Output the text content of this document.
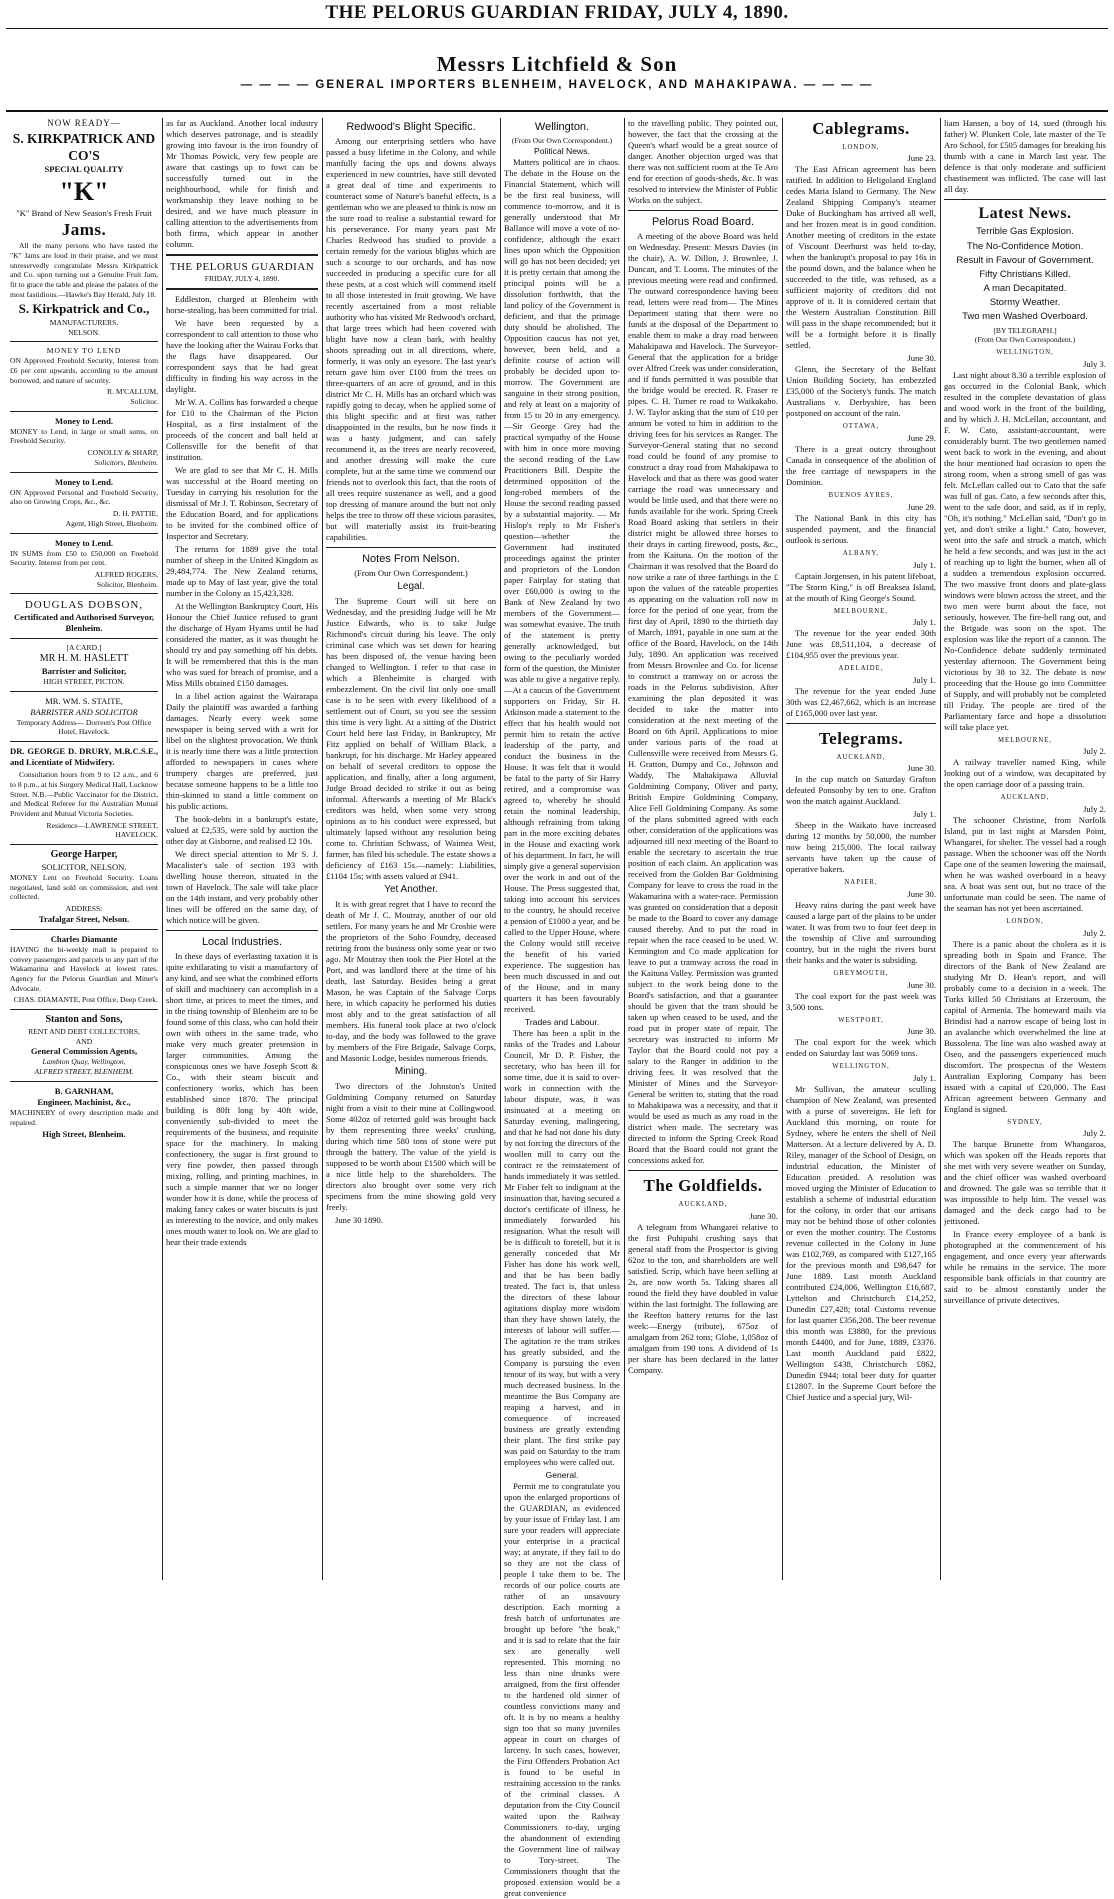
THE PELORUS GUARDIAN FRIDAY, JULY 4, 1890.
Messrs Litchfield & Son
— — — — GENERAL IMPORTERS BLENHEIM, HAVELOCK, AND MAHAKIPAWA. — — — —
NOW READY—
S. KIRKPATRICK AND CO'S
SPECIAL QUALITY
"K"
"K" Brand of New Season's Fresh Fruit
Jams.

All the many persons who have tasted the "K" Jams are loud in their praise, and we must unreservedly congratulate Messrs Kirkpatrick and Co. upon turning out a Genuine Fruit Jam, fit to grace the table and please the palates of the most fastidious.—Hawke's Bay Herald, July 18.

S. Kirkpatrick and Co.,
MANUFACTURERS,
NELSON.
MONEY TO LEND

ON Approved Freehold Security, Interest from £6 per cent upwards, according to the amount borrowed, and nature of security.

R. M'CALLUM,
Solicitor.
Money to Lend.

MONEY to Lend, in large or small sums, on Freehold Security.

CONOLLY & SHARP,
Solicitors, Blenheim.
Money to Lend.

ON Approved Personal and Freehold Security, also on Growing Crops, &c., &c.

D. H. PATTIE,
Agent, High Street, Blenheim.
Money to Lend.

IN SUMS from £50 to £50,000 on Freehold Security. Interest from per cent.

ALFRED ROGERS,
Solicitor, Blenheim.
DOUGLAS DOBSON,
Certificated and Authorised Surveyor,
Blenheim.
[A CARD.]
MR H. M. HASLETT
Barrister and Solicitor,
HIGH STREET, PICTON.
MR. WM. S. STAITE,
BARRISTER AND SOLICITOR
Temporary Address— Dorreen's Post Office Hotel, Havelock.

DR. GEORGE D. DRURY, M.R.C.S.E., and Licentiate of Midwifery.

Consultation hours from 9 to 12 a.m., and 6 to 8 p.m., at his Surgery Medical Hall, Lucknow Street. N.B.—Public Vaccinator for the District, and Medical Referee for the Australian Mutual Provident and Mutual Victoria Societies.

Residence—LAWRENCE STREET, HAVELOCK.
George Harper,
SOLICITOR, NELSON.

MONEY Lent on Freehold Security. Loans negotiated, land sold on commission, and rent collected.

ADDRESS:
Trafalgar Street, Nelson.
Charles Diamante

HAVING the bi-weekly mail is prepared to convey passengers and parcels to any part of the Wakamarina and Havelock at lowest rates. Agency for the Pelorus Guardian and Miner's Advocate.

CHAS. DIAMANTE, Post Office, Deep Creek.
Stanton and Sons,
RENT AND DEBT COLLECTORS,
AND
General Commission Agents,
Lambton Quay, Wellington,
ALFRED STREET, BLENHEIM.
B. GARNHAM,
Engineer, Machinist, &c.,

MACHINERY of every description made and repaired.

High Street, Blenheim.

as far as Auckland. Another local industry which deserves patronage, and is steadily growing into favour is the iron foundry of Mr Thomas Powick, very few people are aware that castings up to fowt can be successfully turned out in the neighbourhood, while for finish and workmanship they leave nothing to be desired, and we have much pleasure in calling attention to the advertisements from both firms, which appear in another column.

THE PELORUS GUARDIAN
FRIDAY, JULY 4, 1890.

Eddleston, charged at Blenheim with horse-stealing, has been committed for trial.

We have been requested by a correspondent to call attention to those who have the looking after the Wairau Forks that the flags have disappeared. Our correspondent says that he had great difficulty in finding his way across in the daylight.

Mr W. A. Collins has forwarded a cheque for £10 to the Chairman of the Picton Hospital, as a first instalment of the proceeds of the concert and ball held at Collensville for the benefit of that institution.

We are glad to see that Mr C. H. Mills was successful at the Board meeting on Tuesday in carrying his resolution for the dismissal of Mr J. T. Robinson, Secretary of the Education Board, and for applications to be invited for the combined office of Inspector and Secretary.

The returns for 1889 give the total number of sheep in the United Kingdom as 29,484,774. The New Zealand returns, made up to May of last year, give the total number in the Colony as 15,423,328.

At the Wellington Bankruptcy Court, His Honour the Chief Justice refused to grant the discharge of Hyam Hyams until he had considered the matter, as it was thought he should try and pay something off his debts. It will be remembered that this is the man who was sued for breach of promise, and a Miss Mills obtained £150 damages.

In a libel action against the Wairarapa Daily the plaintiff was awarded a farthing damages. Nearly every week some newspaper is being served with a writ for libel on the slightest provocation. We think it is nearly time there was a little protection afforded to newspapers in cases where trumpery charges are preferred, just because someone happens to be a little too thin-skinned to stand a little comment on his public actions.

The book-debts in a bankrupt's estate, valued at £2,535, were sold by auction the other day at Gisborne, and realised £2 10s.

We direct special attention to Mr S. J. Macalister's sale of section 193 with dwelling house thereon, situated in the town of Havelock. The sale will take place on the 14th instant, and very probably other lines will be offered on the same day, of which notice will be given.

Local Industries.

In these days of everlasting taxation it is quite exhilarating to visit a manufactory of any kind, and see what the combined efforts of skill and machinery can accomplish in a short time, at prices to meet the times, and in the rising township of Blenheim are to be found some of this class, who can hold their own with others in the same trade, who make very much greater pretension in larger communities. Among the conspicuous ones we have Joseph Scott & Co., with their steam biscuit and confectionery works, which has been established since 1870. The principal building is 80ft long by 40ft wide, conveniently sub-divided to meet the requirements of the business, and requisite space for the machinery. In making confectionery, the sugar is first ground to very fine powder, then passed through mixing, rolling, and printing machines, in such a simple manner that we no longer wonder how it is done, while the process of making fancy cakes or water biscuits is just as interesting to the novice, and only makes ones mouth water to look on. We are glad to hear their trade extends

Redwood's Blight Specific.

Among our enterprising settlers who have passed a busy lifetime in the Colony, and while manfully facing the ups and downs always experienced in new countries, have still devoted a great deal of time and experiments to counteract some of Nature's baneful effects, is a gentleman who we are pleased to think is now on the sure road to realise a substantial reward for his perseverance. For many years past Mr Charles Redwood has studied to provide a certain remedy for the various blights which are such a scourge to our orchards, and has now succeeded in producing a specific cure for all these pests, at a cost which will commend itself to all those interested in fruit growing. We have recently ascertained from a most reliable authority who has visited Mr Redwood's orchard, that large trees which had been covered with blight have now a clean bark, with healthy shoots spreading out in all directions, where, formerly, it was only an eyesore. The last year's return gave him over £100 from the trees on three-quarters of an acre of ground, and in this district Mr C. H. Mills has an orchard which was rapidly going to decay, when he applied some of this blight specific and at first was rather disappointed in the results, but he now finds it was a hasty judgment, and can safely recommend it, as the trees are nearly recovered, and another dressing will make the cure complete, but at the same time we commend our friends not to overlook this fact, that the roots of all trees require sustenance as well, and a good top dressing of manure around the butt not only helps the tree to throw off these vicious parasites, but will materially assist its fruit-bearing capabilities.

Notes From Nelson.
(From Our Own Correspondent.)
Legal.

The Supreme Court will sit here on Wednesday, and the presiding Judge will be Mr Justice Edwards, who is to take Judge Richmond's circuit during his leave. The only criminal case which was set down for hearing has been disposed of, the venue having been changed to Wellington. I refer to that case in which a Blenheimite is charged with embezzlement. On the civil list only one small case is to be seen with every likelihood of a settlement out of Court, so you see the session this time is very light. At a sitting of the District Court held here last Friday, in Bankruptcy, Mr Fitz applied on behalf of William Black, a bankrupt, for his discharge. Mr Harley appeared on behalf of several creditors to oppose the application, and finally, after a long argument, Judge Broad decided to strike it out as being informal. Afterwards a meeting of Mr Black's creditors was held, when some very strong opinions as to his conduct were expressed, but ultimately lapsed without any resolution being come to. Christian Schwass, of Waimea West, farmer, has filed his schedule. The estate shows a deficiency of £163 15s.—namely: Liabilities, £1104 15s; with assets valued at £941.

Yet Another.

It is with great regret that I have to record the death of Mr J. C. Moutray, another of our old settlers. For many years he and Mr Crosbie were the proprietors of the Soho Foundry, deceased retiring from the business only some year or two ago. Mr Moutray then took the Pier Hotel at the Port, and was landlord there at the time of his death, last Saturday. Besides being a great Mason, he was Captain of the Salvage Corps here, in which capacity he performed his duties most ably and to the great satisfaction of all members. His funeral took place at two o'clock to-day, and the body was followed to the grave by members of the Fire Brigade, Salvage Corps, and Masonic Lodge, besides numerous friends.

Mining.

Two directors of the Johnston's United Goldmining Company returned on Saturday night from a visit to their mine at Collingwood. Some 402oz of retorted gold was brought back by them representing three weeks' crushing, during which time 580 tons of stone were put through the battery. The value of the yield is supposed to be worth about £1500 which will be a nice little help to the shareholders. The directors also brought over some very rich specimens from the mine showing gold very freely.

June 30 1890.

Wellington.
(From Our Own Correspondent.)
Political News.

Matters political are in chaos. The debate in the House on the Financial Statement, which will be the first real business, will commence to-morrow, and it is generally understood that Mr Ballance will move a vote of no-confidence, although the exact lines upon which the Opposition will go has not been decided; yet it is pretty certain that among the principal points will be a dissolution forthwith, that the land policy of the Government is deficient, and that the primage duty should be abolished. The Opposition caucus has not yet, however, been held, and a definite course of action will probably be decided upon to-morrow. The Government are sanguine in their strong position, and rely at least on a majority of from 15 to 20 in any emergency.—Sir George Grey had the practical sympathy of the House with him in once more moving the second reading of the Law Practitioners Bill. Despite the determined opposition of the long-robed members of the House the second reading passed by a substantial majority. — Mr Hislop's reply to Mr Fisher's question—whether the Government had instituted proceedings against the printer and proprietors of the London paper Fairplay for stating that over £60,000 is owing to the Bank of New Zealand by two members of the Government—was somewhat evasive. The truth of the statement is pretty generally acknowledged, but owing to the peculiarly worded form of the question, the Minister was able to give a negative reply.—At a caucus of the Government supporters on Friday, Sir H. Atkinson made a statement to the effect that his health would not permit him to retain the active leadership of the party, and conduct the business in the House. It was felt that it would be fatal to the party of Sir Harry retired, and a compromise was agreed to, whereby he should retain the nominal leadership, although refraining from taking part in the more exciting debates in the House and exacting work of his department. In fact, he will simply give a general supervision over the work in and out of the House. The Press suggested that, taking into account his services to the country, he should receive a pension of £1000 a year, and be called to the Upper House, where the Colony would still receive the benefit of his varied experience. The suggestion has been much discussed in and out of the House, and in many quarters it has been favourably received.

Trades and Labour.

There has been a split in the ranks of the Trades and Labour Council, Mr D. P. Fisher, the secretary, who has been ill for some time, due it is said to over-work in connection with the labour dispute, was, it was insinuated at a meeting on Saturday evening, malingering, and that he had not done his duty by not forcing the directors of the woollen mill to carry out the contract re the reinstatement of hands immediately it was settled. Mr Fisher felt so indignant at the insinuation that, having secured a doctor's certificate of illness, he immediately forwarded his resignation. What the result will be is difficult to foretell, but it is generally conceded that Mr Fisher has done his work well, and that he has been badly treated. The fact is, that unless the directors of these labour agitations display more wisdom than they have shown lately, the interests of labour will suffer.—The agitation re the tram strikes has greatly subsided, and the Company is pursuing the even tenour of its way, but with a very much decreased business. In the meantime the Bus Company are reaping a harvest, and in consequence of increased business are greatly extending their plant. The first strike pay was paid on Saturday to the tram employees who were called out.

General.

Permit me to congratulate you upon the enlarged proportions of the GUARDIAN, as evidenced by your issue of Friday last. I am sure your readers will appreciate your enterprise in a practical way; at anyrate, if they fail to do so they are not the class of people I take them to be. The records of our police courts are rather of an unsavoury description. Each morning a fresh batch of unfortunates are brought up before "the beak," and it is sad to relate that the fair sex are generally well represented. This morning no less than nine drunks were arraigned, from the first offender to the hardened old sinner of countless convictions many and oft. It is by no means a healthy sign too that so many juveniles appear in court on charges of larceny. In such cases, however, the First Offenders Probation Act is found to be useful in restraining accession to the ranks of the criminal classes. A deputation from the City Council waited upon the Railway Commissioners to-day, urging the abandonment of extending the Government line of railway to Tory-street. The Commissioners thought that the proposed extension would be a great convenience

to the travelling public. They pointed out, however, the fact that the crossing at the Queen's wharf would be a great source of danger. Another objection urged was that there was not sufficient room at the Te Aro end for erection of goods-sheds, &c. It was resolved to interview the Minister of Public Works on the subject.

Pelorus Road Board.

A meeting of the above Board was held on Wednesday. Present: Messrs Davies (in the chair), A. W. Dillon, J. Brownlee, J. Duncan, and T. Looms. The minutes of the previous meeting were read and confirmed. The outward correspondence having been read, letters were read from— The Mines Department stating that there were no funds at the disposal of the Department to enable them to make a dray road between Mahakipawa and Havelock. The Surveyor-General that the application for a bridge over Alfred Creek was under consideration, and if funds permitted it was possible that the bridge would be erected. R. Fraser re pipes. C. H. Turner re road to Waikakaho. J. W. Taylor asking that the sum of £10 per annum be voted to him in addition to the driving fees for his services as Ranger. The Surveyor-General stating that no second road could be found of any promise to construct a dray road from Mahakipawa to Havelock and that as there was good water carriage the road was unnecessary and would be little used, and that there were no funds available for the work. Spring Creek Road Board asking that settlers in their district might be allowed three horses to their drays in carting firewood, posts, &c., from the Kaituna. On the motion of the Chairman it was resolved that the Board do now strike a rate of three farthings in the £ upon the values of the rateable properties as appearing on the valuation roll now in force for the period of one year, from the first day of April, 1890 to the thirtieth day of March, 1891, payable in one sum at the office of the Board, Havelock, on the 14th July, 1890. An application was received from Messrs Brownlee and Co. for license to construct a tramway on or across the roads in the Pelorus subdivision. After examining the plan deposited it was decided to take the matter into consideration at the next meeting of the Board on 6th April. Applications to mine under various parts of the road at Cullensville were received from Messrs G. H. Gratton, Dumpy and Co., Johnson and Waddy, The Mahakipawa Alluvial Goldmining Company, Oliver and party, British Empire Goldmining Company, Alice Fell Goldmining Company. As some of the plans submitted agreed with each other, consideration of the applications was adjourned till next meeting of the Board to enable the secretary to ascertain the true position of each claim. An application was received from the Golden Bar Goldmining Company for leave to cross the road in the Wakamarina with a water-race. Permission was granted on consideration that a deposit be made to the Board to cover any damage caused thereby. And to put the road in repair when the race ceased to be used. W. Kennington and Co made application for leave to put a tramway across the road in the Kaituna Valley. Permission was granted subject to the work being done to the Board's satisfaction, and that a guarantee should be given that the tram should be taken up when ceased to be used, and the road put in proper state of repair. The secretary was instructed to inform Mr Taylor that the Board could not pay a salary to the Ranger in addition to the driving fees. It was resolved that the Minister of Mines and the Surveyor-General be written to, stating that the road to Mahakipawa was a necessity, and that it would be used as much as any road in the district when made. The secretary was directed to inform the Spring Creek Road Board that the Board could not grant the concessions asked for.

The Goldfields.
AUCKLAND,
June 30.

A telegram from Whangarei relative to the first Puhipuhi crushing says that general staff from the Prospector is giving 62oz to the ton, and shareholders are well satisfied. Scrip, which have been selling at 2s, are now worth 5s. Taking shares all round the field they have doubled in value within the last fortnight. The following are the Reefton battery returns for the last week:—Energy (tribute), 675oz of amalgam from 262 tons; Globe, 1,058oz of amalgam from 190 tons. A dividend of 1s per share has been declared in the latter Company.

Cablegrams.
LONDON,
June 23.

The East African agreement has been ratified. In addition to Heligoland England cedes Maria Island to Germany. The New Zealand Shipping Company's steamer Duke of Buckingham has arrived all well, and her frozen meat is in good condition. Another meeting of creditors in the estate of Viscount Deerhurst was held to-day, when the bankrupt's proposal to pay 16s in the pound down, and the balance when he succeeded to the title, was refused, as a sufficient majority of creditors did not approve of it. It is considered certain that the Western Australian Constitution Bill will pass in the shape recommended; but it will be a fortnight before it is finally settled.

June 30.

Glenn, the Secretary of the Belfast Union Building Society, has embezzled £35,000 of the Society's funds. The match Australians v. Derbyshire, has been postponed on account of the rain.

OTTAWA,
June 29.

There is a great outcry throughout Canada in consequence of the abolition of the free carriage of newspapers in the Dominion.

BUENOS AYRES,
June 29.

The National Bank in this city has suspended payment, and the financial outlook is serious.

ALBANY,
July 1.

Captain Jorgensen, in his patent lifeboat, "The Storm King," is off Breaksea Island, at the mouth of King George's Sound.

MELBOURNE,
July 1.

The revenue for the year ended 30th June was £8,511,104, a decrease of £104,955 over the previous year.

ADELAIDE,
July 1.

The revenue for the year ended June 30th was £2,467,662, which is an increase of £165,000 over last year.

Telegrams.
AUCKLAND,
June 30.

In the cup match on Saturday Grafton defeated Ponsonby by ten to one. Grafton won the match against Auckland.

July 1.

Sheep in the Waikato have increased during 12 months by 50,000, the number now being 215,000. The local railway servants have taken up the cause of operative bakers.

NAPIER,
June 30.

Heavy rains during the past week have caused a large part of the plains to be under water. It was from two to four feet deep in the township of Clive and surrounding country, but in the night the rivers burst their banks and the water is subsiding.

GREYMOUTH,
June 30.

The coal export for the past week was 3,500 tons.

WESTPORT,
June 30.

The coal export for the week which ended on Saturday last was 5069 tons.

WELLINGTON,
July 1.

Mr Sullivan, the amateur sculling champion of New Zealand, was presented with a purse of sovereigns. He left for Auckland this morning, on route for Sydney, where he enters the shell of Neil Matterson. At a lecture delivered by A. D. Riley, manager of the School of Design, on industrial education, the Minister of Education presided. A resolution was moved urging the Minister of Education to establish a scheme of industrial education for the colony, in order that our artisans may not be behind those of other colonies or even the mother country. The Customs revenue collected in the Colony in June was £102,769, as compared with £127,165 for the previous month and £98,647 for June 1889. Last month Auckland contributed £24,006, Wellington £16,687, Lyttelton and Christchurch £14,252, Dunedin £27,428; total Customs revenue for last quarter £356,208. The beer revenue this month was £3880, for the previous month £4400, and for June, 1889, £3376. Last month Auckland paid £822, Wellington £438, Christchurch £862, Dunedin £944; total beer duty for quarter £12807. In the Supreme Court before the Chief Justice and a special jury, Wil-

liam Hansen, a boy of 14, sued (through his father) W. Plunkett Cole, late master of the Te Aro School, for £505 damages for breaking his thumb with a cane in March last year. The defence is that only moderate and sufficient chastisement was inflicted. The case will last all day.

Latest News.
Terrible Gas Explosion.
The No-Confidence Motion.
Result in Favour of Government.
Fifty Christians Killed.
A man Decapitated.
Stormy Weather.
Two men Washed Overboard.
[BY TELEGRAPH.]
(From Our Own Correspondent.)
WELLINGTON,
July 3.

Last night about 8.30 a terrible explosion of gas occurred in the Colonial Bank, which resulted in the complete devastation of glass and wood work in the front of the building, and by which J. H. McLellan, accountant, and F. W. Cato, assistant-accountant, were considerably burnt. The two gentlemen named went back to work in the evening, and about the hour mentioned had occasion to open the strong room, when a strong smell of gas was felt. McLellan called out to Cato that the safe was full of gas. Cato, a few seconds after this, went to the safe door, and said, as if in reply, "Oh, it's nothing." McLellan said, "Don't go in yet, and don't strike a light." Cato, however, went into the safe and struck a match, which he held a few seconds, and was just in the act of reaching up to light the burner, when all of a sudden a tremendous explosion occurred. The two massive front doors and plate-glass windows were blown across the street, and the two men were burnt about the face, not seriously, however. The fire-bell rang out, and the Brigade was soon on the spot. The explosion was like the report of a cannon. The No-Confidence debate suddenly terminated yesterday afternoon. The Government being victorious by 38 to 32. The debate is now proceeding that the House go into Committee of Supply, and will probably not be completed till Friday. The people are tired of the Parliamentary farce and hope a dissolution will take place yet.

MELBOURNE,
July 2.

A railway traveller named King, while looking out of a window, was decapitated by the open carriage door of a passing train.

AUCKLAND,
July 2.

The schooner Christine, from Norfolk Island, put in last night at Marsden Point, Whangarei, for shelter. The vessel had a rough passage. When the schooner was off the North Cape one of the seamen lowering the mainsail, when he was washed overboard in a heavy sea. A boat was sent out, but no trace of the unfortunate man could be seen. The name of the seaman has not yet been ascertained.

LONDON,
July 2.

There is a panic about the cholera as it is spreading both in Spain and France. The directors of the Bank of New Zealand are studying Mr D. Hean's report, and will probably come to a decision in a week. The Turks killed 50 Christians at Erzeroum, the capital of Armenia. The homeward mails via Brindisi had a narrow escape of being lost in an avalanche which overwhelmed the line at Bussolena. The line was also washed away at Oseo, and the passengers experienced much discomfort. The prospectus of the Western Australian Exploring Company has been issued with a capital of £20,000. The East African agreement between Germany and England is signed.

SYDNEY,
July 2.

The barque Brunette from Whangaroa, which was spoken off the Heads reports that she met with very severe weather on Sunday, and the chief officer was washed overboard and drowned. The gale was so terrible that it was impossible to help him. The vessel was damaged and the deck cargo had to be jettisoned.

In France every employee of a bank is photographed at the commencement of his engagement, and once every year afterwards while he remains in the service. The more responsible bank officials in that country are said to be almost constantly under the surveillance of private detectives.
